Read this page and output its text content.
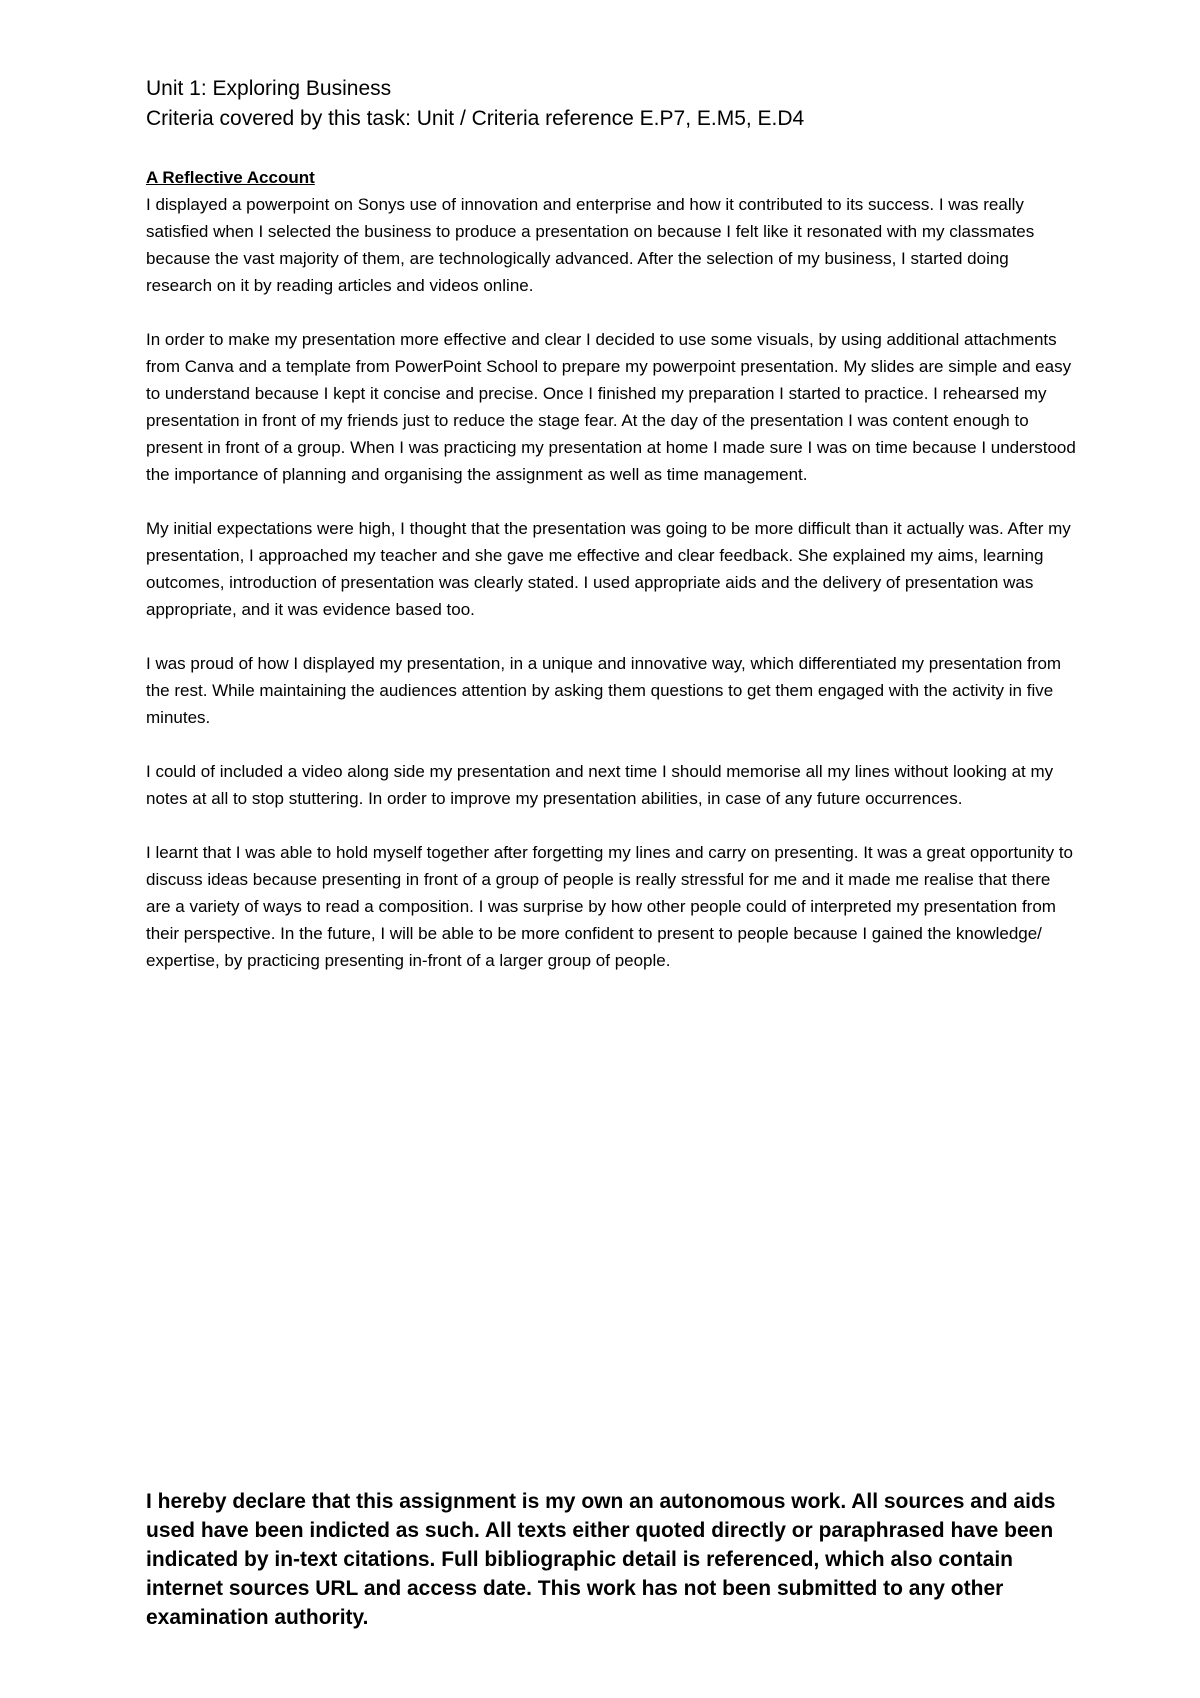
Unit 1: Exploring Business

Criteria covered by this task: Unit / Criteria reference E.P7, E.M5, E.D4

A Reflective Account

I displayed a powerpoint on Sonys use of innovation and enterprise and how it contributed to its success. I was really satisfied when I selected the business to produce a presentation on because I felt like it resonated with my classmates because the vast majority of them, are technologically advanced. After the selection of my business, I started doing research on it by reading articles and videos online.

In order to make my presentation more effective and clear I decided to use some visuals, by using additional attachments from Canva and a template from PowerPoint School to prepare my powerpoint presentation. My slides are simple and easy to understand because I kept it concise and precise. Once I finished my preparation I started to practice. I rehearsed my presentation in front of my friends just to reduce the stage fear. At the day of the presentation I was content enough to present in front of a group. When I was practicing my presentation at home I made sure I was on time because I understood the importance of planning and organising the assignment as well as time management.

My initial expectations were high, I thought that the presentation was going to be more difficult than it actually was. After my presentation, I approached my teacher and she gave me effective and clear feedback. She explained my aims, learning outcomes, introduction of presentation was clearly stated. I used appropriate aids and the delivery of presentation was appropriate, and it was evidence based too.

I was proud of how I displayed my presentation, in a unique and innovative way, which differentiated my presentation from the rest. While maintaining the audiences attention by asking them questions to get them engaged with the activity in five minutes.

I could of included a video along side my presentation and next time I should memorise all my lines without looking at my notes at all to stop stuttering. In order to improve my presentation abilities, in case of any future occurrences.

I learnt that I was able to hold myself together after forgetting my lines and carry on presenting. It was a great opportunity to discuss ideas because presenting in front of a group of people is really stressful for me and it made me realise that there are a variety of ways to read a composition. I was surprise by how other people could of interpreted my presentation from their perspective. In the future, I will be able to be more confident to present to people because I gained the knowledge/ expertise, by practicing presenting in-front of a larger group of people.

I hereby declare that this assignment is my own an autonomous work. All sources and aids used have been indicted as such. All texts either quoted directly or paraphrased have been indicated by in-text citations. Full bibliographic detail is referenced, which also contain internet sources URL and access date. This work has not been submitted to any other examination authority.
